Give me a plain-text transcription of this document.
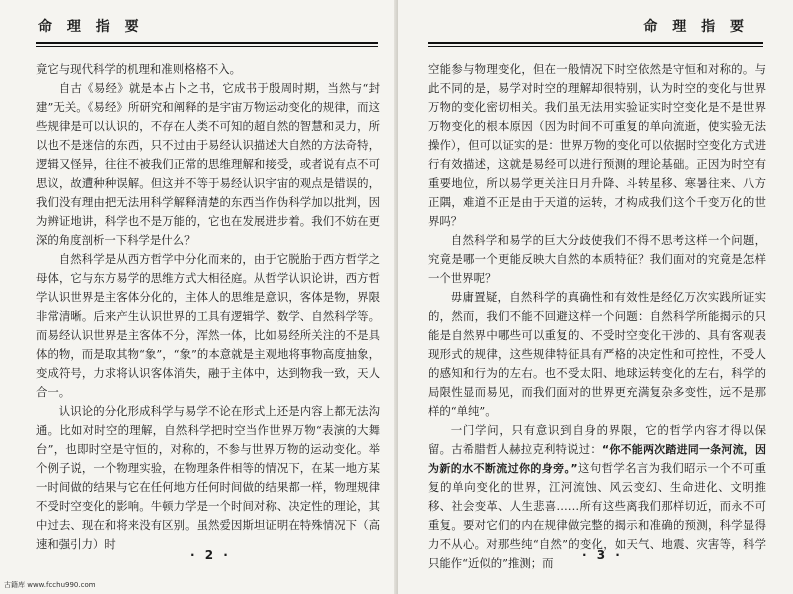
命 理 指 要

竟它与现代科学的机理和准则格格不入。

自古《易经》就是本占卜之书，它成书于殷周时期，当然与“封建”无关。《易经》所研究和阐释的是宇宙万物运动变化的规律，而这些规律是可以认识的，不存在人类不可知的超自然的智慧和灵力，所以也不是迷信的东西，只不过由于易经认识描述大自然的方法奇特，逻辑又怪异，往往不被我们正常的思维理解和接受，或者说有点不可思议，故遭种种误解。但这并不等于易经认识宇宙的观点是错误的，我们没有理由把无法用科学解释清楚的东西当作伪科学加以批判，因为辨证地讲，科学也不是万能的，它也在发展进步着。我们不妨在更深的角度剖析一下科学是什么？

自然科学是从西方哲学中分化而来的，由于它脱胎于西方哲学之母体，它与东方易学的思维方式大相径庭。从哲学认识论讲，西方哲学认识世界是主客体分化的，主体人的思维是意识，客体是物，界限非常清晰。后来产生认识世界的工具有逻辑学、数学、自然科学等。而易经认识世界是主客体不分，浑然一体，比如易经所关注的不是具体的物，而是取其物“象”，“象”的本意就是主观地将事物高度抽象，变成符号，力求将认识客体消失，融于主体中，达到物我一致，天人合一。

认识论的分化形成科学与易学不论在形式上还是内容上都无法沟通。比如对时空的理解，自然科学把时空当作世界万物“表演的大舞台”，也即时空是守恒的，对称的，不参与世界万物的运动变化。举个例子说，一个物理实验，在物理条件相等的情况下，在某一地方某一时间做的结果与它在任何地方任何时间做的结果都一样，物理规律不受时空变化的影响。牛顿力学是一个时间对称、决定性的理论，其中过去、现在和将来没有区别。虽然爱因斯坦证明在特殊情况下（高速和强引力）时

· 2 ·
古籍库 www.fcchu990.com
命 理 指 要

空能参与物理变化，但在一般情况下时空依然是守恒和对称的。与此不同的是，易学对时空的理解却很特别，认为时空的变化与世界万物的变化密切相关。我们虽无法用实验证实时空变化是不是世界万物变化的根本原因（因为时间不可重复的单向流逝，使实验无法操作），但可以证实的是：世界万物的变化可以依据时空变化方式进行有效描述，这就是易经可以进行预测的理论基础。正因为时空有重要地位，所以易学更关注日月升降、斗转星移、寒暑往来、八方正隅，难道不正是由于天道的运转，才构成我们这个千变万化的世界吗？

自然科学和易学的巨大分歧使我们不得不思考这样一个问题，究竟是哪一个更能反映大自然的本质特征？我们面对的究竟是怎样一个世界呢？

毋庸置疑，自然科学的真确性和有效性是经亿万次实践所证实的，然而，我们不能不回避这样一个问题：自然科学所能揭示的只能是自然界中哪些可以重复的、不受时空变化干涉的、具有客观表现形式的规律，这些规律特征具有严格的决定性和可控性，不受人的感知和行为的左右。也不受太阳、地球运转变化的左右，科学的局限性显而易见，而我们面对的世界更充满复杂多变性，远不是那样的“单纯”。

一门学问，只有意识到自身的界限，它的哲学内容才得以保留。古希腊哲人赫拉克利特说过：“你不能两次踏进同一条河流，因为新的水不断流过你的身旁。”这句哲学名言为我们昭示一个不可重复的单向变化的世界，江河流蚀、风云变幻、生命进化、文明推移、社会变革、人生悲喜……所有这些离我们那样切近，而永不可重复。要对它们的内在规律做完整的揭示和准确的预测，科学显得力不从心。对那些纯“自然”的变化，如天气、地震、灾害等，科学只能作“近似的”推测；而

· 3 ·
